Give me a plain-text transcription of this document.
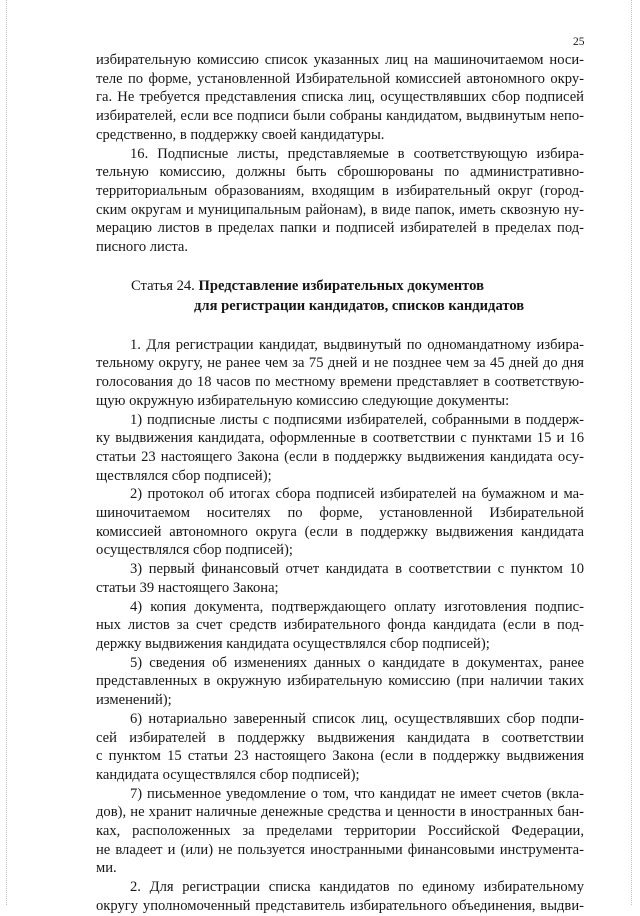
25
избирательную комиссию список указанных лиц на машиночитаемом носи-
теле по форме, установленной Избирательной комиссией автономного окру-
га. Не требуется представления списка лиц, осуществлявших сбор подписей
избирателей, если все подписи были собраны кандидатом, выдвинутым непо-
средственно, в поддержку своей кандидатуры.
16. Подписные листы, представляемые в соответствующую избира-
тельную комиссию, должны быть сброшюрованы по административно-
территориальным образованиям, входящим в избирательный округ (город-
ским округам и муниципальным районам), в виде папок, иметь сквозную ну-
мерацию листов в пределах папки и подписей избирателей в пределах под-
писного листа.
Статья 24. Представление избирательных документов
для регистрации кандидатов, списков кандидатов
1. Для регистрации кандидат, выдвинутый по одномандатному избира-
тельному округу, не ранее чем за 75 дней и не позднее чем за 45 дней до дня
голосования до 18 часов по местному времени представляет в соответствую-
щую окружную избирательную комиссию следующие документы:
1) подписные листы с подписями избирателей, собранными в поддерж-
ку выдвижения кандидата, оформленные в соответствии с пунктами 15 и 16
статьи 23 настоящего Закона (если в поддержку выдвижения кандидата осу-
ществлялся сбор подписей);
2) протокол об итогах сбора подписей избирателей на бумажном и ма-
шиночитаемом носителях по форме, установленной Избирательной
комиссией автономного округа (если в поддержку выдвижения кандидата
осуществлялся сбор подписей);
3) первый финансовый отчет кандидата в соответствии с пунктом 10
статьи 39 настоящего Закона;
4) копия документа, подтверждающего оплату изготовления подпис-
ных листов за счет средств избирательного фонда кандидата (если в под-
держку выдвижения кандидата осуществлялся сбор подписей);
5) сведения об изменениях данных о кандидате в документах, ранее
представленных в окружную избирательную комиссию (при наличии таких
изменений);
6) нотариально заверенный список лиц, осуществлявших сбор подпи-
сей избирателей в поддержку выдвижения кандидата в соответствии
с пунктом 15 статьи 23 настоящего Закона (если в поддержку выдвижения
кандидата осуществлялся сбор подписей);
7) письменное уведомление о том, что кандидат не имеет счетов (вкла-
дов), не хранит наличные денежные средства и ценности в иностранных бан-
ках, расположенных за пределами территории Российской Федерации,
не владеет и (или) не пользуется иностранными финансовыми инструмента-
ми.
2. Для регистрации списка кандидатов по единому избирательному
округу уполномоченный представитель избирательного объединения, выдви-
